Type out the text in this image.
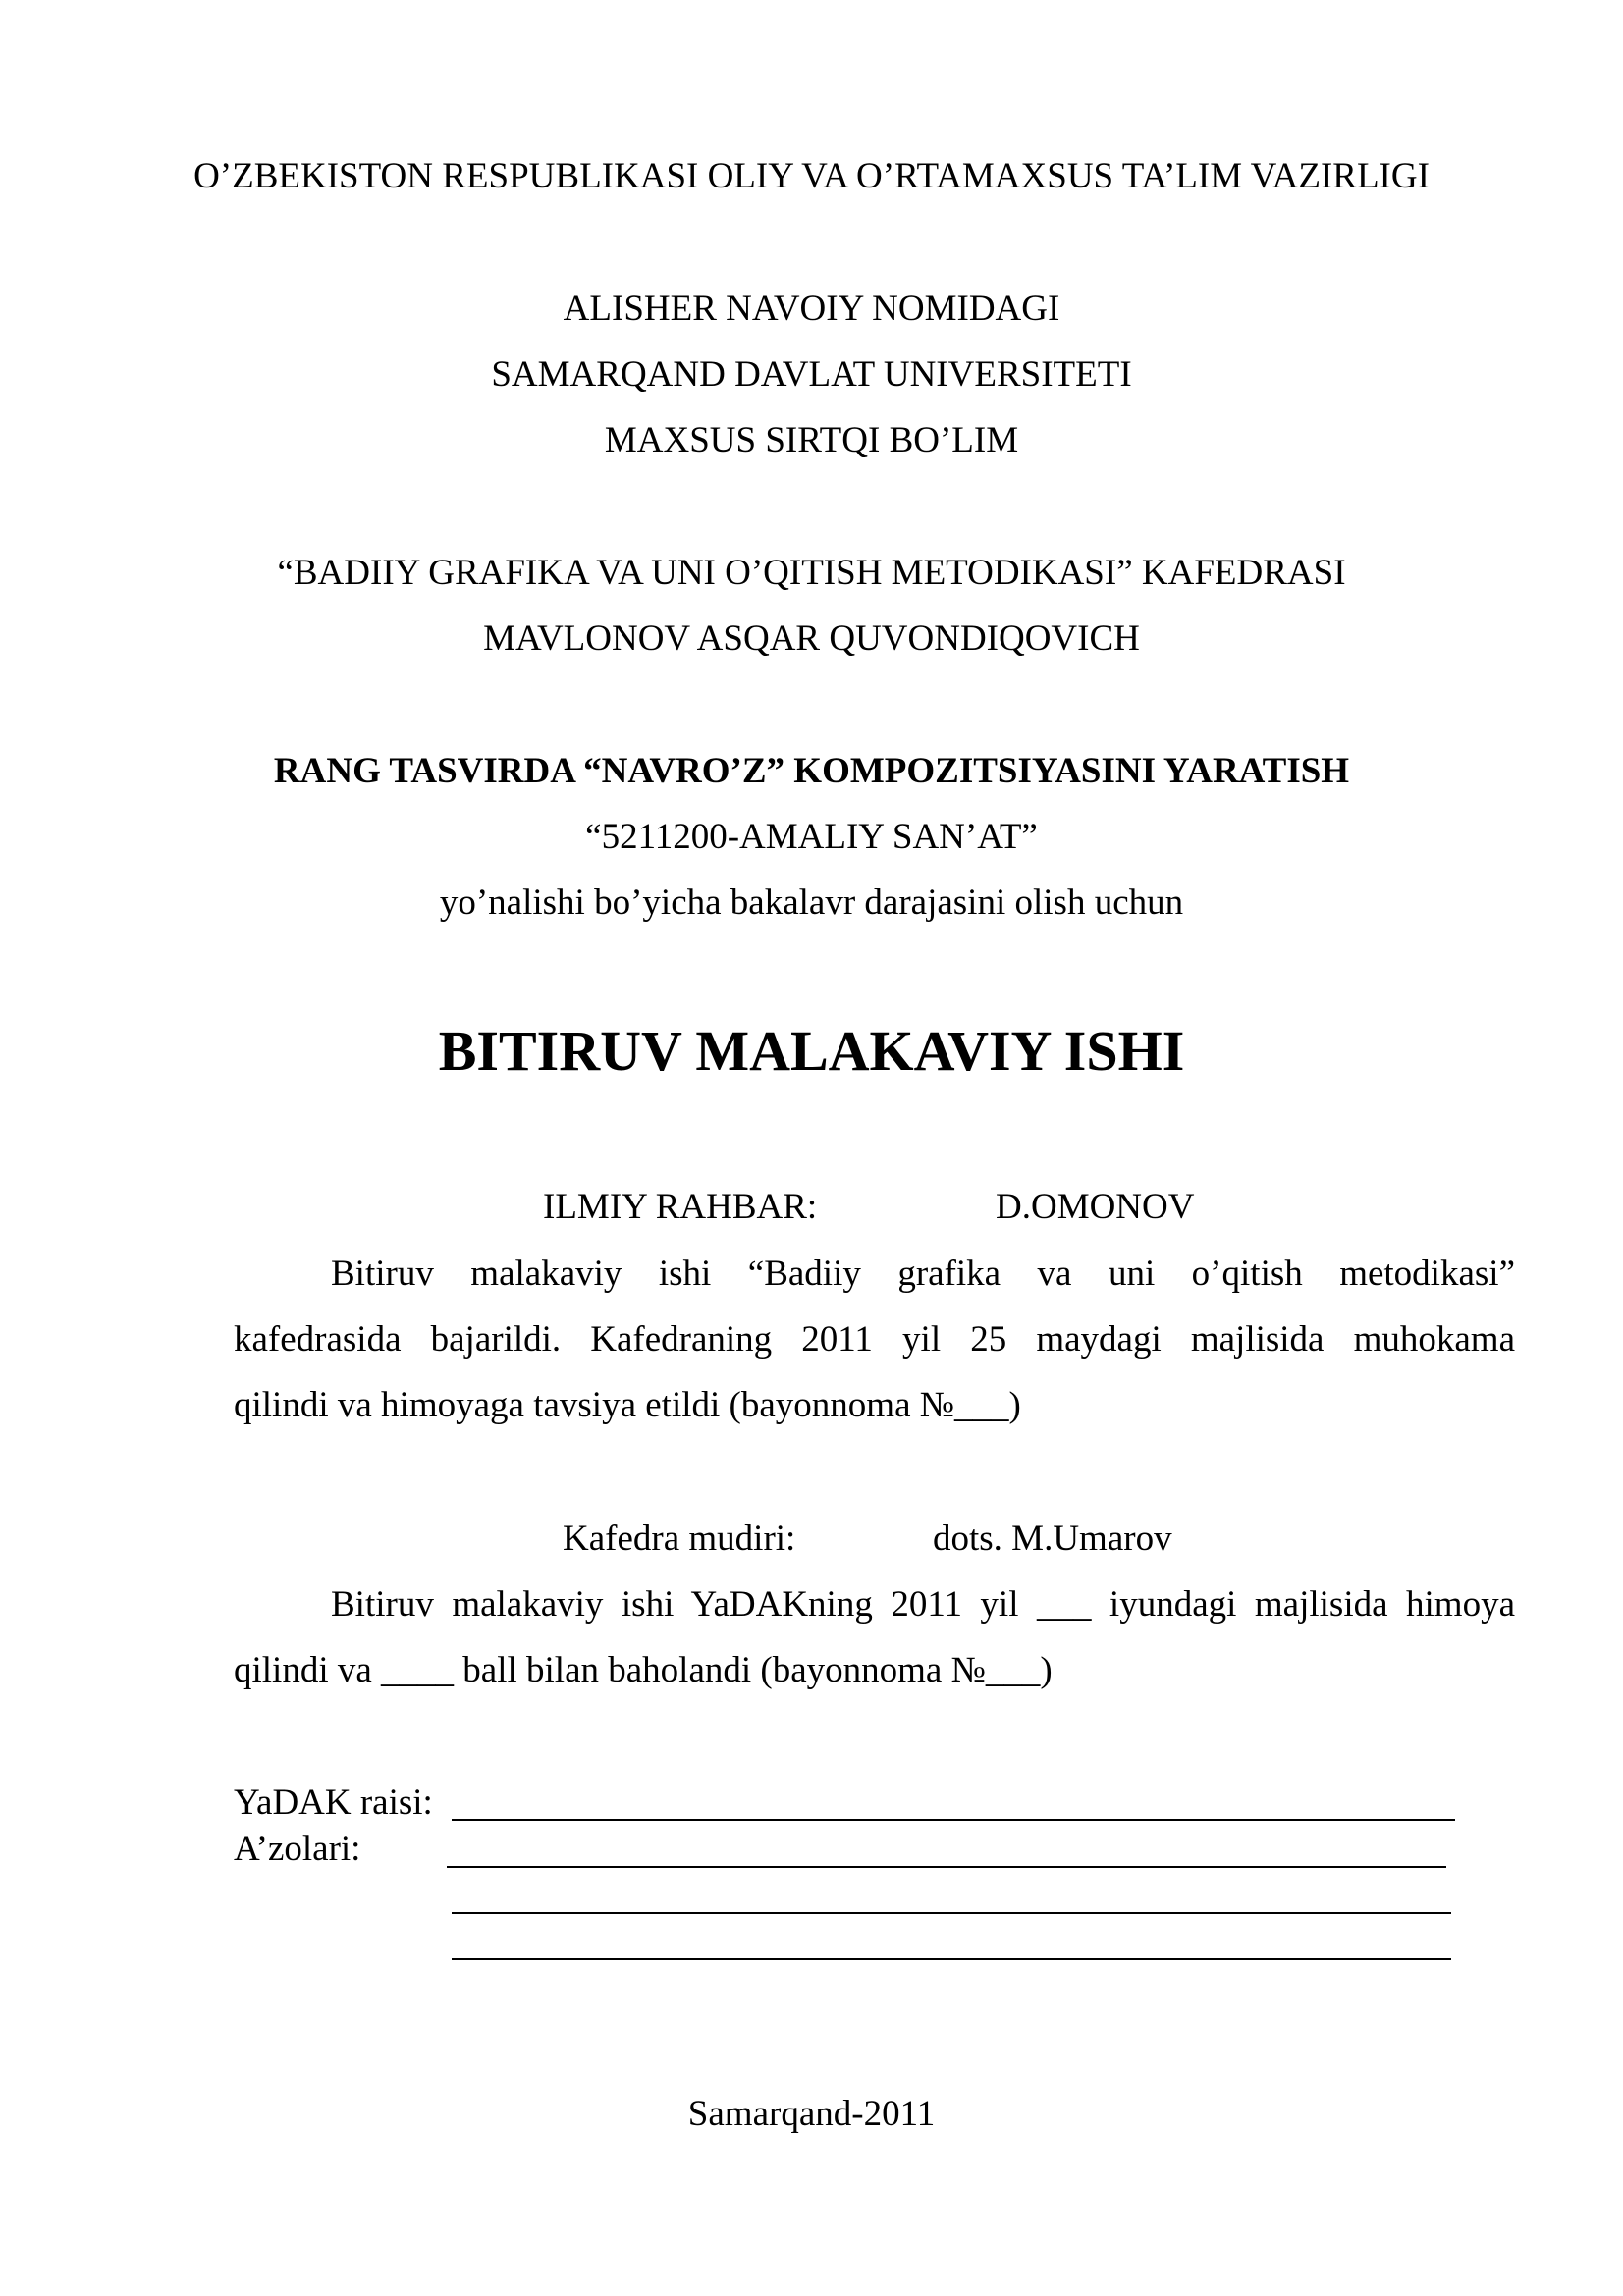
O’ZBEKISTON RESPUBLIKASI OLIY VA O’RTAMAXSUS TA’LIM VAZIRLIGI
ALISHER NAVOIY NOMIDAGI
SAMARQAND DAVLAT UNIVERSITETI
MAXSUS SIRTQI BO’LIM
“BADIIY GRAFIKA VA UNI O’QITISH METODIKASI” KAFEDRASI
MAVLONOV ASQAR QUVONDIQOVICH
RANG TASVIRDA “NAVRO’Z” KOMPOZITSIYASINI YARATISH
“5211200-AMALIY SAN’AT”
yo’nalishi bo’yicha bakalavr darajasini olish uchun
BITIRUV MALAKAVIY ISHI
ILMIY RAHBAR:	D.OMONOV
Bitiruv malakaviy ishi “Badiiy grafika va uni o’qitish metodikasi”
kafedrasida bajarildi. Kafedraning 2011 yil 25 maydagi majlisida muhokama
qilindi va himoyaga tavsiya etildi (bayonnoma №___)
Kafedra mudiri:	dots. M.Umarov
Bitiruv malakaviy ishi YaDAKning 2011 yil ___ iyundagi majlisida himoya
qilindi va ____ ball bilan baholandi (bayonnoma №___)
YaDAK raisi:
A’zolari:
Samarqand-2011
